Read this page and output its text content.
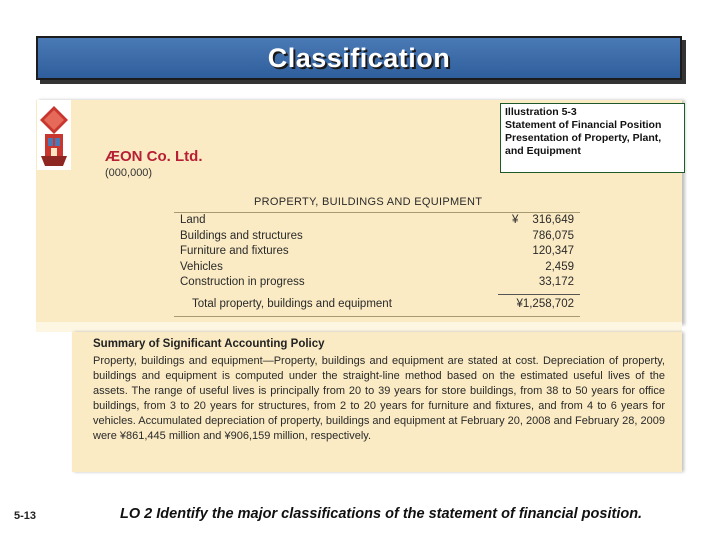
Classification
ÆON Co. Ltd.
(000,000)
Illustration 5-3
Statement of Financial Position
Presentation of Property, Plant,
and Equipment
PROPERTY, BUILDINGS AND EQUIPMENT
Land	¥ 316,649
Buildings and structures	786,075
Furniture and fixtures	120,347
Vehicles	2,459
Construction in progress	33,172
Total property, buildings and equipment	¥1,258,702
Summary of Significant Accounting Policy
Property, buildings and equipment—Property, buildings and equipment are stated at cost. Depreciation of property, buildings and equipment is computed under the straight-line method based on the estimated useful lives of the assets. The range of useful lives is principally from 20 to 39 years for store buildings, from 38 to 50 years for office buildings, from 3 to 20 years for structures, from 2 to 20 years for furniture and fixtures, and from 4 to 6 years for vehicles. Accumulated depreciation of property, buildings and equipment at February 20, 2008 and February 28, 2009 were ¥861,445 million and ¥906,159 million, respectively.
5-13	LO 2 Identify the major classifications of the statement of financial position.
